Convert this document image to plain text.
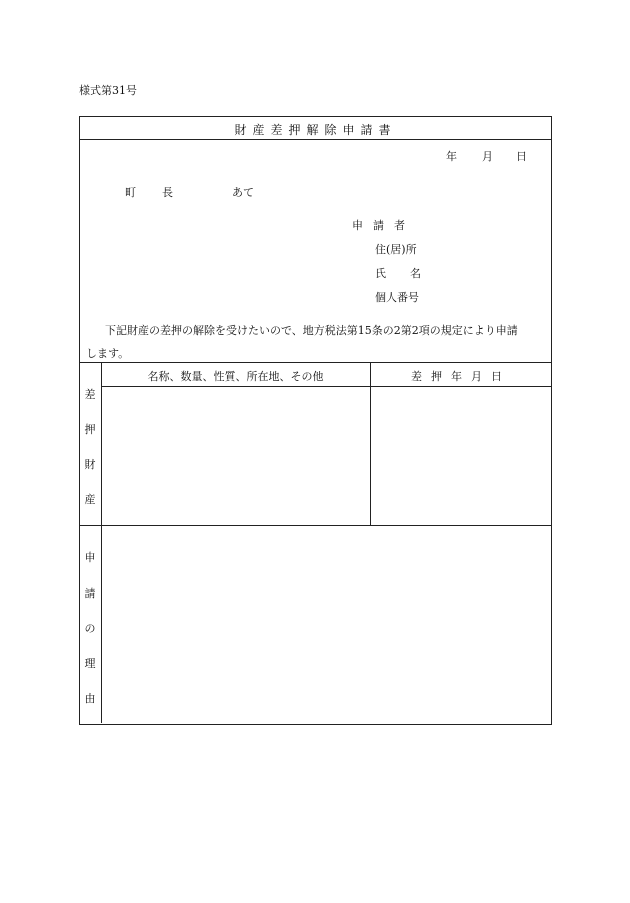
様式第31号
財産差押解除申請書
年 月 日
町 長	あて
申請者
住(居)所
氏 名
個人番号
下記財産の差押の解除を受けたいので、地方税法第15条の2第2項の規定により申請
します。
名称、数量、性質、所在地、その他	差押年月日
差
押
財
産
申
請
の
理
由
